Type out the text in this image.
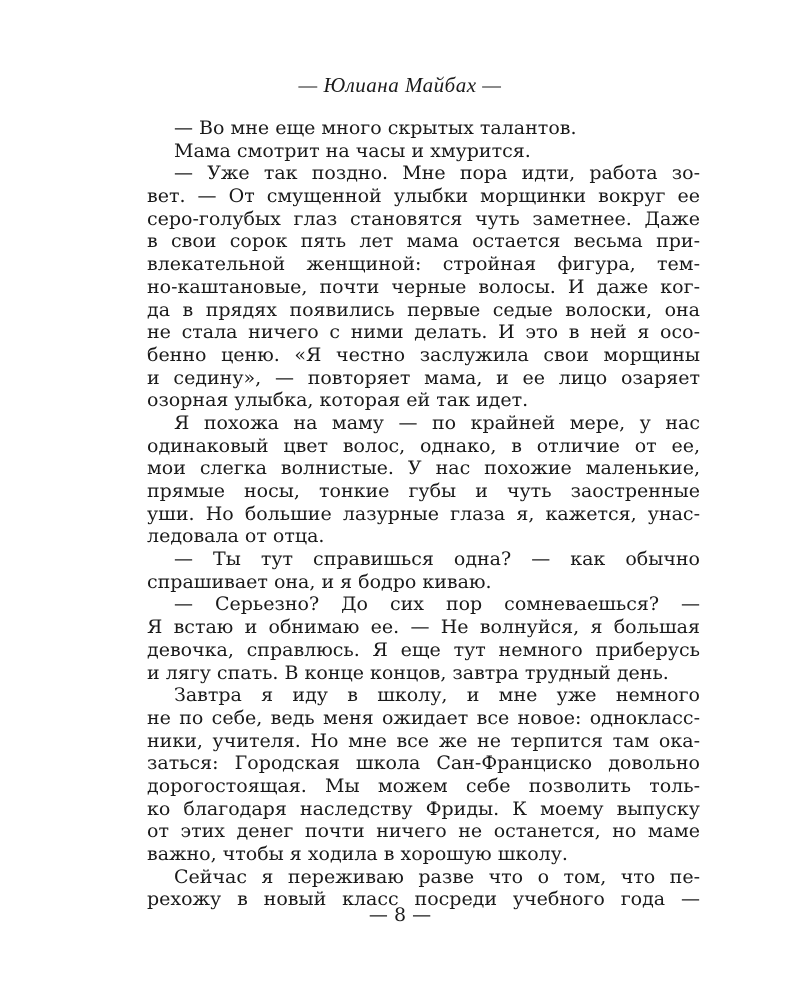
— Юлиана Майбах —
— Во мне еще много скрытых талантов.
Мама смотрит на часы и хмурится.
— Уже так поздно. Мне пора идти, работа зо-
вет. — От смущенной улыбки морщинки вокруг ее
серо-голубых глаз становятся чуть заметнее. Даже
в свои сорок пять лет мама остается весьма при-
влекательной женщиной: стройная фигура, тем-
но-каштановые, почти черные волосы. И даже ког-
да в прядях появились первые седые волоски, она
не стала ничего с ними делать. И это в ней я осо-
бенно ценю. «Я честно заслужила свои морщины
и седину», — повторяет мама, и ее лицо озаряет
озорная улыбка, которая ей так идет.
Я похожа на маму — по крайней мере, у нас
одинаковый цвет волос, однако, в отличие от ее,
мои слегка волнистые. У нас похожие маленькие,
прямые носы, тонкие губы и чуть заостренные
уши. Но большие лазурные глаза я, кажется, унас-
ледовала от отца.
— Ты тут справишься одна? — как обычно
спрашивает она, и я бодро киваю.
— Серьезно? До сих пор сомневаешься? —
Я встаю и обнимаю ее. — Не волнуйся, я большая
девочка, справлюсь. Я еще тут немного приберусь
и лягу спать. В конце концов, завтра трудный день.
Завтра я иду в школу, и мне уже немного
не по себе, ведь меня ожидает все новое: однокласс-
ники, учителя. Но мне все же не терпится там ока-
заться: Городская школа Сан-Франциско довольно
дорогостоящая. Мы можем себе позволить толь-
ко благодаря наследству Фриды. К моему выпуску
от этих денег почти ничего не останется, но маме
важно, чтобы я ходила в хорошую школу.
Сейчас я переживаю разве что о том, что пе-
рехожу в новый класс посреди учебного года —
— 8 —
